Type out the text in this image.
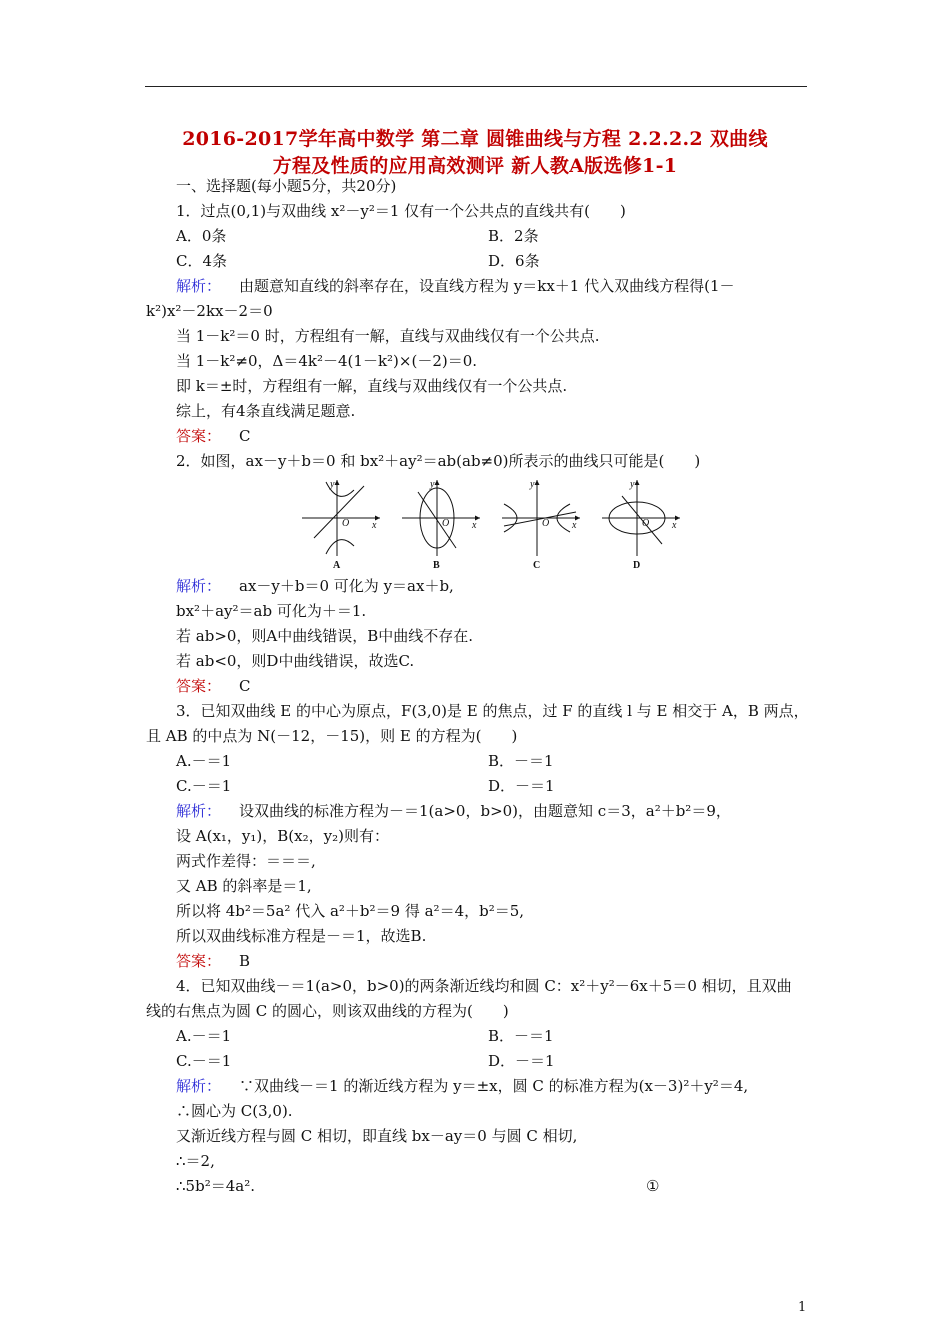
2016-2017学年高中数学 第二章 圆锥曲线与方程 2.2.2.2 双曲线
方程及性质的应用高效测评 新人教A版选修1-1
一、选择题(每小题5分，共20分)
1．过点(0,1)与双曲线 x²－y²＝1 仅有一个公共点的直线共有(　　)
A．0条	B．2条
C．4条	D．6条
解析： 由题意知直线的斜率存在，设直线方程为 y＝kx＋1 代入双曲线方程得(1－
k²)x²－2kx－2＝0
当 1－k²＝0 时，方程组有一解，直线与双曲线仅有一个公共点.
当 1－k²≠0，Δ＝4k²－4(1－k²)×(－2)＝0.
即 k＝±时，方程组有一解，直线与双曲线仅有一个公共点.
综上，有4条直线满足题意.
答案： C
2．如图，ax－y＋b＝0 和 bx²＋ay²＝ab(ab≠0)所表示的曲线只可能是(　　)
O x
y
A
O x
y
B
O x
y
C
O x
y
D
解析： ax－y＋b＝0 可化为 y＝ax＋b,
bx²＋ay²＝ab 可化为＋＝1.
若 ab>0，则A中曲线错误，B中曲线不存在.
若 ab<0，则D中曲线错误，故选C.
答案： C
3．已知双曲线 E 的中心为原点，F(3,0)是 E 的焦点，过 F 的直线 l 与 E 相交于 A，B 两点，
且 AB 的中点为 N(－12，－15)，则 E 的方程为(　　)
A.－＝1	B．－＝1
C.－＝1	D．－＝1
解析： 设双曲线的标准方程为－＝1(a>0，b>0)，由题意知 c＝3，a²＋b²＝9，
设 A(x₁，y₁)，B(x₂，y₂)则有：
两式作差得：＝＝＝,
又 AB 的斜率是＝1,
所以将 4b²＝5a² 代入 a²＋b²＝9 得 a²＝4，b²＝5,
所以双曲线标准方程是－＝1，故选B.
答案： B
4．已知双曲线－＝1(a>0，b>0)的两条渐近线均和圆 C：x²＋y²－6x＋5＝0 相切，且双曲
线的右焦点为圆 C 的圆心，则该双曲线的方程为(　　)
A.－＝1	B．－＝1
C.－＝1	D．－＝1
解析： ∵双曲线－＝1 的渐近线方程为 y＝±x，圆 C 的标准方程为(x－3)²＋y²＝4,
∴圆心为 C(3,0).
又渐近线方程与圆 C 相切，即直线 bx－ay＝0 与圆 C 相切,
∴＝2,
∴5b²＝4a².	①
1
